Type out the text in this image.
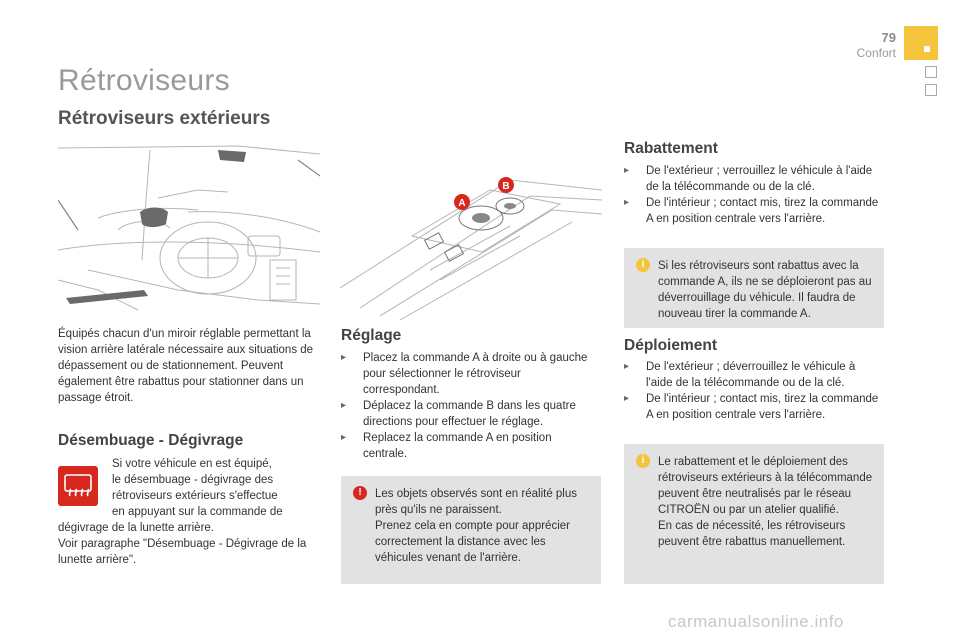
79
Confort
Rétroviseurs
Rétroviseurs extérieurs
A
B

Équipés chacun d'un miroir réglable permettant la vision arrière latérale nécessaire aux situations de dépassement ou de stationnement. Peuvent également être rabattus pour stationner dans un passage étroit.

Désembuage - Dégivrage
Si votre véhicule en est équipé,
le désembuage - dégivrage des
rétroviseurs extérieurs s'effectue
en appuyant sur la commande de
dégivrage de la lunette arrière.
Voir paragraphe "Désembuage - Dégivrage de la lunette arrière".
Réglage
▸ Placez la commande A à droite ou à gauche pour sélectionner le rétroviseur correspondant.
▸ Déplacez la commande B dans les quatre directions pour effectuer le réglage.
▸ Replacez la commande A en position centrale.
!	Les objets observés sont en réalité plus près qu'ils ne paraissent.

Prenez cela en compte pour apprécier correctement la distance avec les véhicules venant de l'arrière.

Rabattement
▸ De l'extérieur ; verrouillez le véhicule à l'aide de la télécommande ou de la clé.
▸ De l'intérieur ; contact mis, tirez la commande A en position centrale vers l'arrière.
i	Si les rétroviseurs sont rabattus avec la commande A, ils ne se déploieront pas au déverrouillage du véhicule. Il faudra de nouveau tirer la commande A.

Déploiement
▸ De l'extérieur ; déverrouillez le véhicule à l'aide de la télécommande ou de la clé.
▸ De l'intérieur ; contact mis, tirez la commande A en position centrale vers l'arrière.
i	Le rabattement et le déploiement des rétroviseurs extérieurs à la télécommande peuvent être neutralisés par le réseau CITROËN ou par un atelier qualifié.

En cas de nécessité, les rétroviseurs peuvent être rabattus manuellement.

carmanualsonline.info
